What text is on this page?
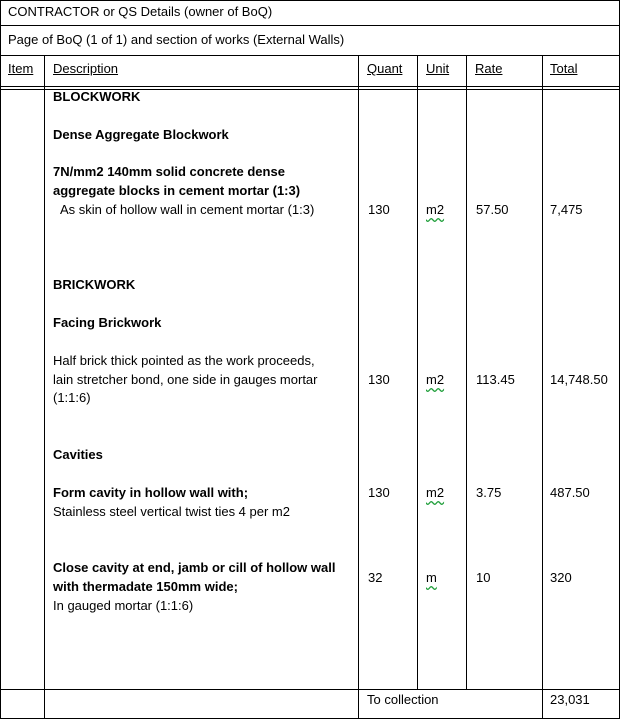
CONTRACTOR or QS Details (owner of BoQ)
Page of BoQ (1 of 1) and section of works (External Walls)
Item Description	Quant Unit Rate	Total
BLOCKWORK
Dense Aggregate Blockwork
7N/mm2 140mm solid concrete dense
aggregate blocks in cement mortar (1:3)
As skin of hollow wall in cement mortar (1:3)	130	m2 57.50	7,475
BRICKWORK
Facing Brickwork
Half brick thick pointed as the work proceeds,
lain stretcher bond, one side in gauges mortar
(1:1:6)
130	m2 113.45	14,748.50
Cavities
Form cavity in hollow wall with;
Stainless steel vertical twist ties 4 per m2
130	m2 3.75	487.50
Close cavity at end, jamb or cill of hollow wall
with thermadate 150mm wide;
In gauged mortar (1:1:6)
32	m	10	320
To collection	23,031
